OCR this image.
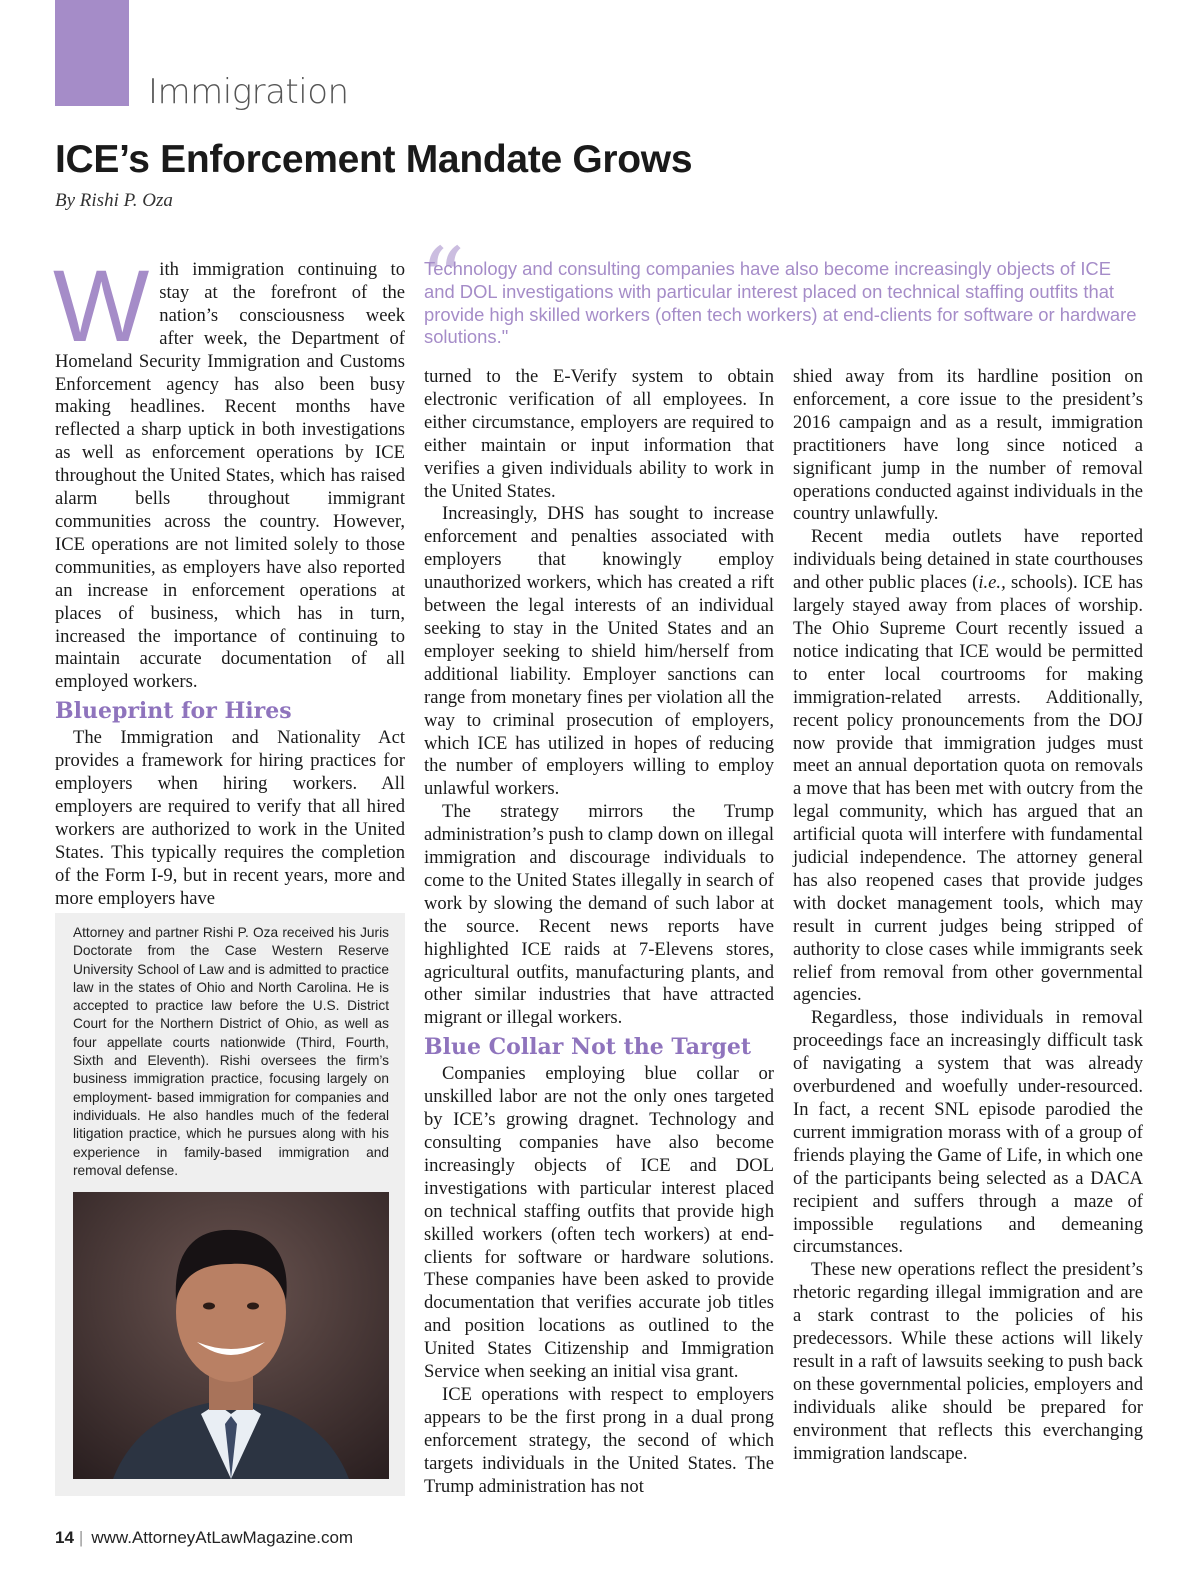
Immigration
ICE’s Enforcement Mandate Grows
By Rishi P. Oza
“
Technology and consulting companies have also become increasingly objects of ICE and DOL investigations with particular interest placed on technical staffing outfits that provide high skilled workers (often tech workers) at end-clients for software or hardware solutions."

With immigration continuing to stay at the forefront of the nation’s consciousness week after week, the Department of Homeland Security Immigration and Customs Enforcement agency has also been busy making headlines. Recent months have reflected a sharp uptick in both investigations as well as enforcement operations by ICE throughout the United States, which has raised alarm bells throughout immigrant communities across the country. However, ICE operations are not limited solely to those communities, as employers have also reported an increase in enforcement operations at places of business, which has in turn, increased the importance of continuing to maintain accurate documentation of all employed workers.

Blueprint for Hires

The Immigration and Nationality Act provides a framework for hiring practices for employers when hiring workers. All employers are required to verify that all hired workers are authorized to work in the United States. This typically requires the completion of the Form I-9, but in recent years, more and more employers have

Attorney and partner Rishi P. Oza received his Juris Doctorate from the Case Western Reserve University School of Law and is admitted to practice law in the states of Ohio and North Carolina. He is accepted to practice law before the U.S. District Court for the Northern District of Ohio, as well as four appellate courts nationwide (Third, Fourth, Sixth and Eleventh). Rishi oversees the firm’s business immigration practice, focusing largely on employment- based immigration for companies and individuals. He also handles much of the federal litigation practice, which he pursues along with his experience in family-based immigration and removal defense.

turned to the E-Verify system to obtain electronic verification of all employees. In either circumstance, employers are required to either maintain or input information that verifies a given individuals ability to work in the United States.

Increasingly, DHS has sought to increase enforcement and penalties associated with employers that knowingly employ unauthorized workers, which has created a rift between the legal interests of an individual seeking to stay in the United States and an employer seeking to shield him/herself from additional liability. Employer sanctions can range from monetary fines per violation all the way to criminal prosecution of employers, which ICE has utilized in hopes of reducing the number of employers willing to employ unlawful workers.

The strategy mirrors the Trump administration’s push to clamp down on illegal immigration and discourage individuals to come to the United States illegally in search of work by slowing the demand of such labor at the source. Recent news reports have highlighted ICE raids at 7-Elevens stores, agricultural outfits, manufacturing plants, and other similar industries that have attracted migrant or illegal workers.

Blue Collar Not the Target

Companies employing blue collar or unskilled labor are not the only ones targeted by ICE’s growing dragnet. Technology and consulting companies have also become increasingly objects of ICE and DOL investigations with particular interest placed on technical staffing outfits that provide high skilled workers (often tech workers) at end-clients for software or hardware solutions. These companies have been asked to provide documentation that verifies accurate job titles and position locations as outlined to the United States Citizenship and Immigration Service when seeking an initial visa grant.

ICE operations with respect to employers appears to be the first prong in a dual prong enforcement strategy, the second of which targets individuals in the United States. The Trump administration has not

shied away from its hardline position on enforcement, a core issue to the president’s 2016 campaign and as a result, immigration practitioners have long since noticed a significant jump in the number of removal operations conducted against individuals in the country unlawfully.

Recent media outlets have reported individuals being detained in state courthouses and other public places (i.e., schools). ICE has largely stayed away from places of worship. The Ohio Supreme Court recently issued a notice indicating that ICE would be permitted to enter local courtrooms for making immigration-related arrests. Additionally, recent policy pronouncements from the DOJ now provide that immigration judges must meet an annual deportation quota on removals a move that has been met with outcry from the legal community, which has argued that an artificial quota will interfere with fundamental judicial independence. The attorney general has also reopened cases that provide judges with docket management tools, which may result in current judges being stripped of authority to close cases while immigrants seek relief from removal from other governmental agencies.

Regardless, those individuals in removal proceedings face an increasingly difficult task of navigating a system that was already overburdened and woefully under-resourced. In fact, a recent SNL episode parodied the current immigration morass with of a group of friends playing the Game of Life, in which one of the participants being selected as a DACA recipient and suffers through a maze of impossible regulations and demeaning circumstances.

These new operations reflect the president’s rhetoric regarding illegal immigration and are a stark contrast to the policies of his predecessors. While these actions will likely result in a raft of lawsuits seeking to push back on these governmental policies, employers and individuals alike should be prepared for environment that reflects this everchanging immigration landscape.

14 | www.AttorneyAtLawMagazine.com
